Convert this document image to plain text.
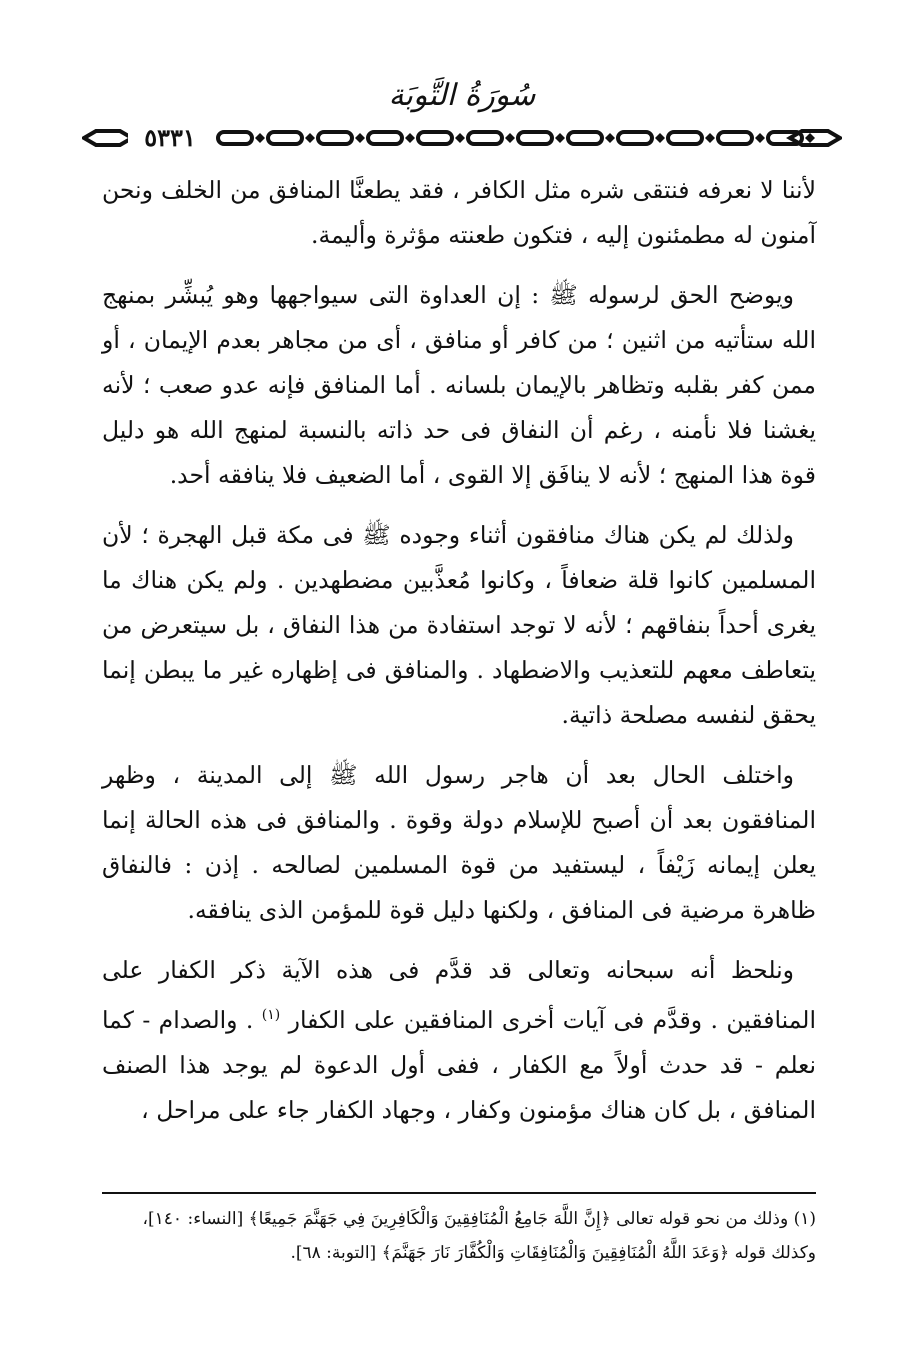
سُورَةُ التَّوبَة
٥٣٣١

لأننا لا نعرفه فنتقى شره مثل الكافر ، فقد يطعنَّا المنافق من الخلف ونحن آمنون له مطمئنون إليه ، فتكون طعنته مؤثرة وأليمة.

ويوضح الحق لرسوله ﷺ : إن العداوة التى سيواجهها وهو يُبشِّر بمنهج الله ستأتيه من اثنين ؛ من كافر أو منافق ، أى من مجاهر بعدم الإيمان ، أو ممن كفر بقلبه وتظاهر بالإيمان بلسانه . أما المنافق فإنه عدو صعب ؛ لأنه يغشنا فلا نأمنه ، رغم أن النفاق فى حد ذاته بالنسبة لمنهج الله هو دليل قوة هذا المنهج ؛ لأنه لا ينافَق إلا القوى ، أما الضعيف فلا ينافقه أحد.

ولذلك لم يكن هناك منافقون أثناء وجوده ﷺ فى مكة قبل الهجرة ؛ لأن المسلمين كانوا قلة ضعافاً ، وكانوا مُعذَّبين مضطهدين . ولم يكن هناك ما يغرى أحداً بنفاقهم ؛ لأنه لا توجد استفادة من هذا النفاق ، بل سيتعرض من يتعاطف معهم للتعذيب والاضطهاد . والمنافق فى إظهاره غير ما يبطن إنما يحقق لنفسه مصلحة ذاتية.

واختلف الحال بعد أن هاجر رسول الله ﷺ إلى المدينة ، وظهر المنافقون بعد أن أصبح للإسلام دولة وقوة . والمنافق فى هذه الحالة إنما يعلن إيمانه زَيْفاً ، ليستفيد من قوة المسلمين لصالحه . إذن : فالنفاق ظاهرة مرضية فى المنافق ، ولكنها دليل قوة للمؤمن الذى ينافقه.

ونلحظ أنه سبحانه وتعالى قد قدَّم فى هذه الآية ذكر الكفار على المنافقين . وقدَّم فى آيات أخرى المنافقين على الكفار $^{(١)}$ . والصدام - كما نعلم - قد حدث أولاً مع الكفار ، ففى أول الدعوة لم يوجد هذا الصنف المنافق ، بل كان هناك مؤمنون وكفار ، وجهاد الكفار جاء على مراحل ،

(١) وذلك من نحو قوله تعالى ﴿إِنَّ اللَّهَ جَامِعُ الْمُنَافِقِينَ وَالْكَافِرِينَ فِي جَهَنَّمَ جَمِيعًا﴾ [النساء: ١٤٠]،

وكذلك قوله ﴿وَعَدَ اللَّهُ الْمُنَافِقِينَ وَالْمُنَافِقَاتِ وَالْكُفَّارَ نَارَ جَهَنَّمَ﴾ [التوبة: ٦٨].
